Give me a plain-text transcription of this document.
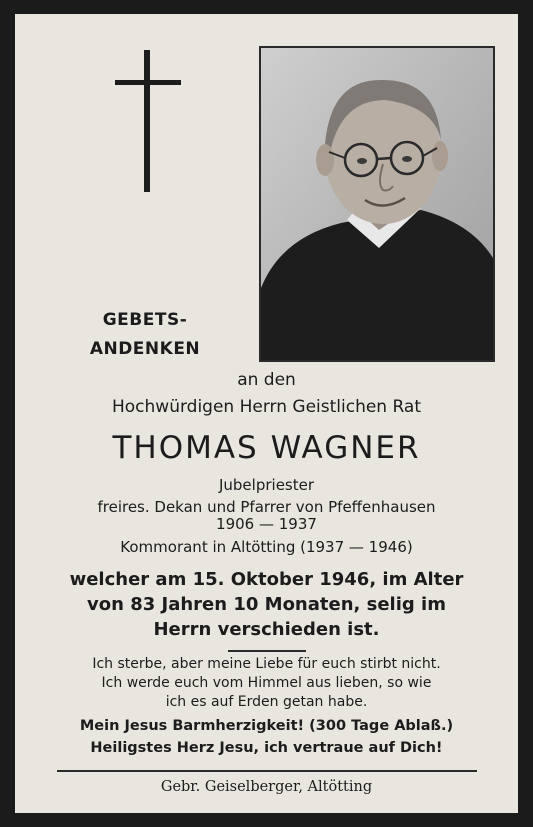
GEBETS-
ANDENKEN
an den
Hochwürdigen Herrn Geistlichen Rat
THOMAS WAGNER
Jubelpriester
freires. Dekan und Pfarrer von Pfeffenhausen
1906 — 1937
Kommorant in Altötting (1937 — 1946)
welcher am 15. Oktober 1946, im Alter
von 83 Jahren 10 Monaten, selig im
Herrn verschieden ist.
Ich sterbe, aber meine Liebe für euch stirbt nicht.
Ich werde euch vom Himmel aus lieben, so wie
ich es auf Erden getan habe.
Mein Jesus Barmherzigkeit! (300 Tage Ablaß.)
Heiligstes Herz Jesu, ich vertraue auf Dich!
Gebr. Geiselberger, Altötting
